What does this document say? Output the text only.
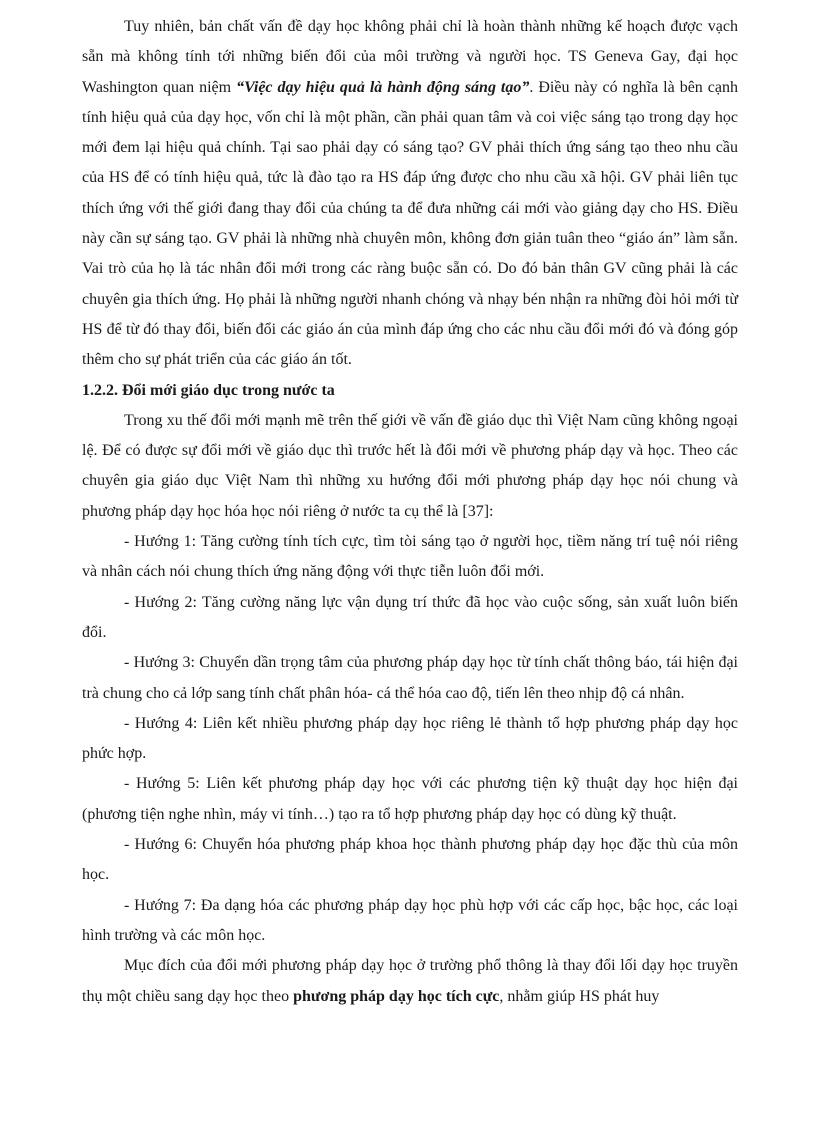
Tuy nhiên, bản chất vấn đề dạy học không phải chỉ là hoàn thành những kế hoạch được vạch sẵn mà không tính tới những biến đổi của môi trường và người học. TS Geneva Gay, đại học Washington quan niệm “Việc dạy hiệu quả là hành động sáng tạo”. Điều này có nghĩa là bên cạnh tính hiệu quả của dạy học, vốn chỉ là một phần, cần phải quan tâm và coi việc sáng tạo trong dạy học mới đem lại hiệu quả chính. Tại sao phải dạy có sáng tạo? GV phải thích ứng sáng tạo theo nhu cầu của HS để có tính hiệu quả, tức là đào tạo ra HS đáp ứng được cho nhu cầu xã hội. GV phải liên tục thích ứng với thế giới đang thay đổi của chúng ta để đưa những cái mới vào giảng dạy cho HS. Điều này cần sự sáng tạo. GV phải là những nhà chuyên môn, không đơn giản tuân theo “giáo án” làm sẵn. Vai trò của họ là tác nhân đổi mới trong các ràng buộc sẵn có. Do đó bản thân GV cũng phải là các chuyên gia thích ứng. Họ phải là những người nhanh chóng và nhạy bén nhận ra những đòi hỏi mới từ HS để từ đó thay đổi, biến đổi các giáo án của mình đáp ứng cho các nhu cầu đổi mới đó và đóng góp thêm cho sự phát triển của các giáo án tốt.

1.2.2. Đổi mới giáo dục trong nước ta

Trong xu thế đổi mới mạnh mẽ trên thế giới về vấn đề giáo dục thì Việt Nam cũng không ngoại lệ. Để có được sự đổi mới về giáo dục thì trước hết là đổi mới về phương pháp dạy và học. Theo các chuyên gia giáo dục Việt Nam thì những xu hướng đổi mới phương pháp dạy học nói chung và phương pháp dạy học hóa học nói riêng ở nước ta cụ thể là [37]:

- Hướng 1: Tăng cường tính tích cực, tìm tòi sáng tạo ở người học, tiềm năng trí tuệ nói riêng và nhân cách nói chung thích ứng năng động với thực tiễn luôn đổi mới.

- Hướng 2: Tăng cường năng lực vận dụng trí thức đã học vào cuộc sống, sản xuất luôn biến đổi.

- Hướng 3: Chuyển dần trọng tâm của phương pháp dạy học từ tính chất thông báo, tái hiện đại trà chung cho cả lớp sang tính chất phân hóa- cá thể hóa cao độ, tiến lên theo nhịp độ cá nhân.

- Hướng 4: Liên kết nhiều phương pháp dạy học riêng lẻ thành tổ hợp phương pháp dạy học phức hợp.

- Hướng 5: Liên kết phương pháp dạy học với các phương tiện kỹ thuật dạy học hiện đại (phương tiện nghe nhìn, máy vi tính…) tạo ra tổ hợp phương pháp dạy học có dùng kỹ thuật.

- Hướng 6: Chuyển hóa phương pháp khoa học thành phương pháp dạy học đặc thù của môn học.

- Hướng 7: Đa dạng hóa các phương pháp dạy học phù hợp với các cấp học, bậc học, các loại hình trường và các môn học.

Mục đích của đổi mới phương pháp dạy học ở trường phổ thông là thay đổi lối dạy học truyền thụ một chiều sang dạy học theo phương pháp dạy học tích cực, nhằm giúp HS phát huy
